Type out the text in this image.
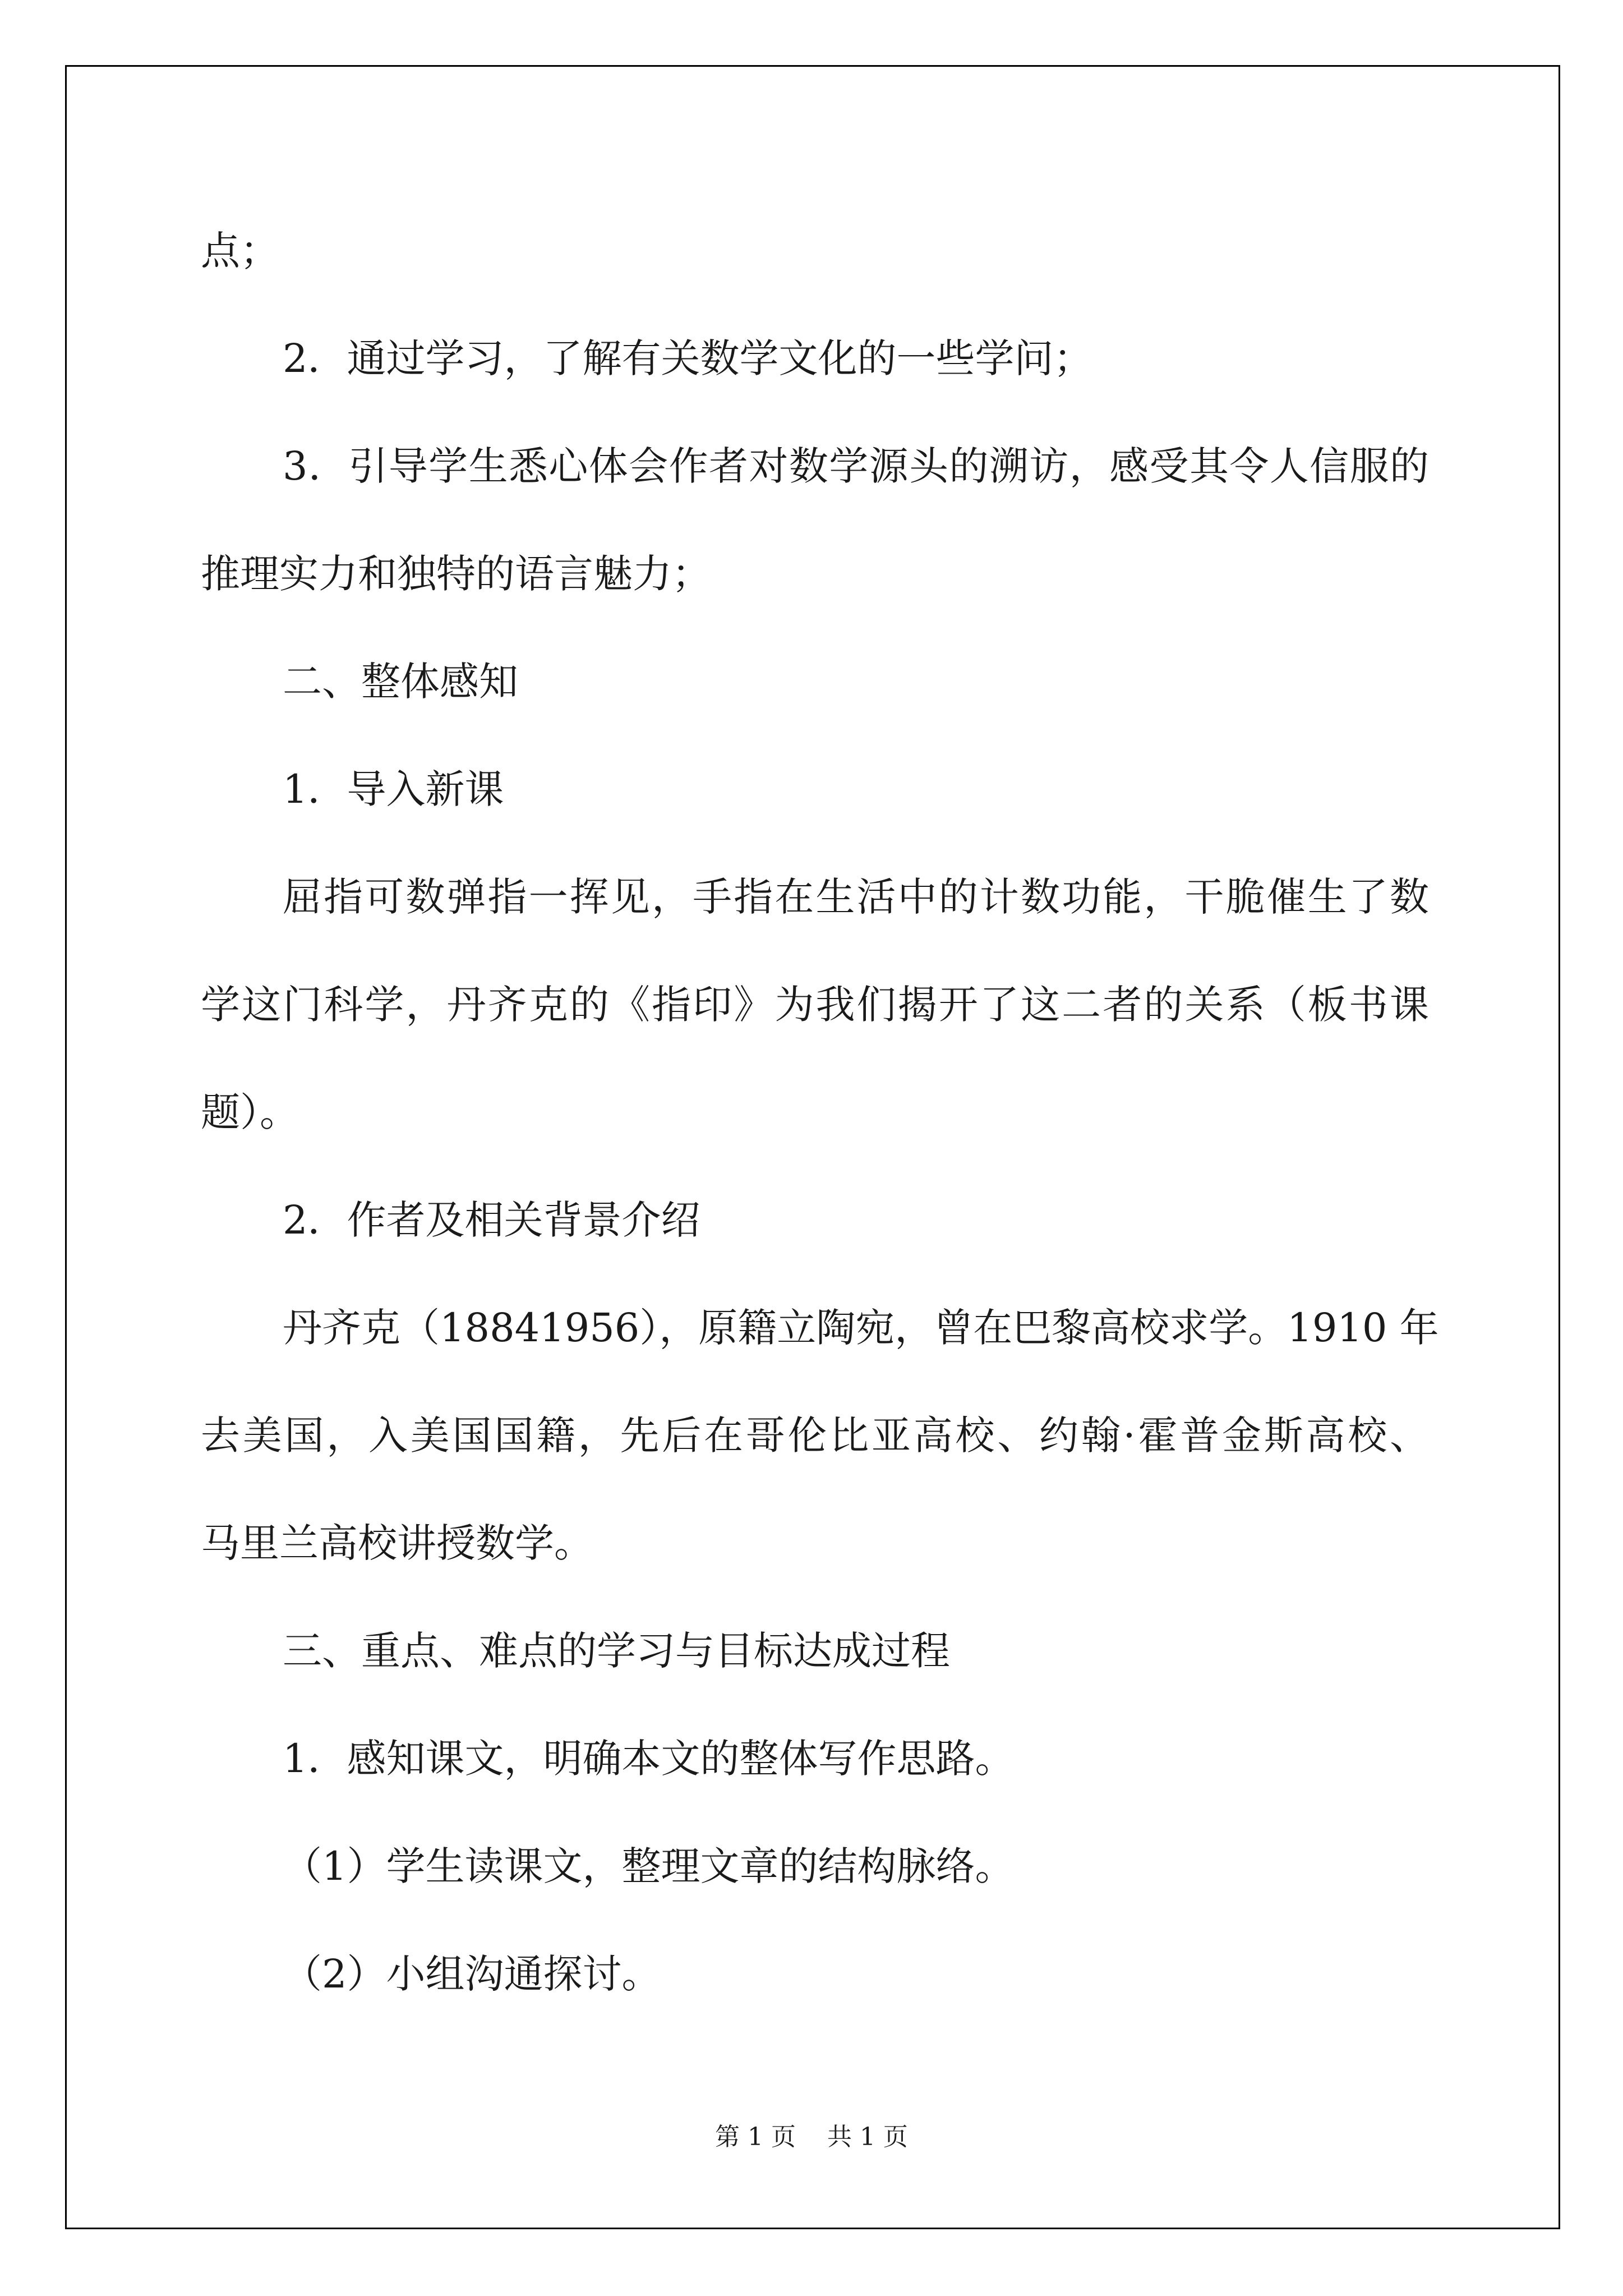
点；
2．通过学习，了解有关数学文化的一些学问；
3．引导学生悉心体会作者对数学源头的溯访，感受其令人信服的
推理实力和独特的语言魅力；
二、整体感知
1．导入新课
屈指可数弹指一挥见，手指在生活中的计数功能，干脆催生了数
学这门科学，丹齐克的《指印》为我们揭开了这二者的关系（板书课
题）。
2．作者及相关背景介绍
丹齐克（18841956），原籍立陶宛，曾在巴黎高校求学。1910 年
去美国，入美国国籍，先后在哥伦比亚高校、约翰·霍普金斯高校、
马里兰高校讲授数学。
三、重点、难点的学习与目标达成过程
1．感知课文，明确本文的整体写作思路。
（1）学生读课文，整理文章的结构脉络。
（2）小组沟通探讨。
第 1 页    共 1 页
